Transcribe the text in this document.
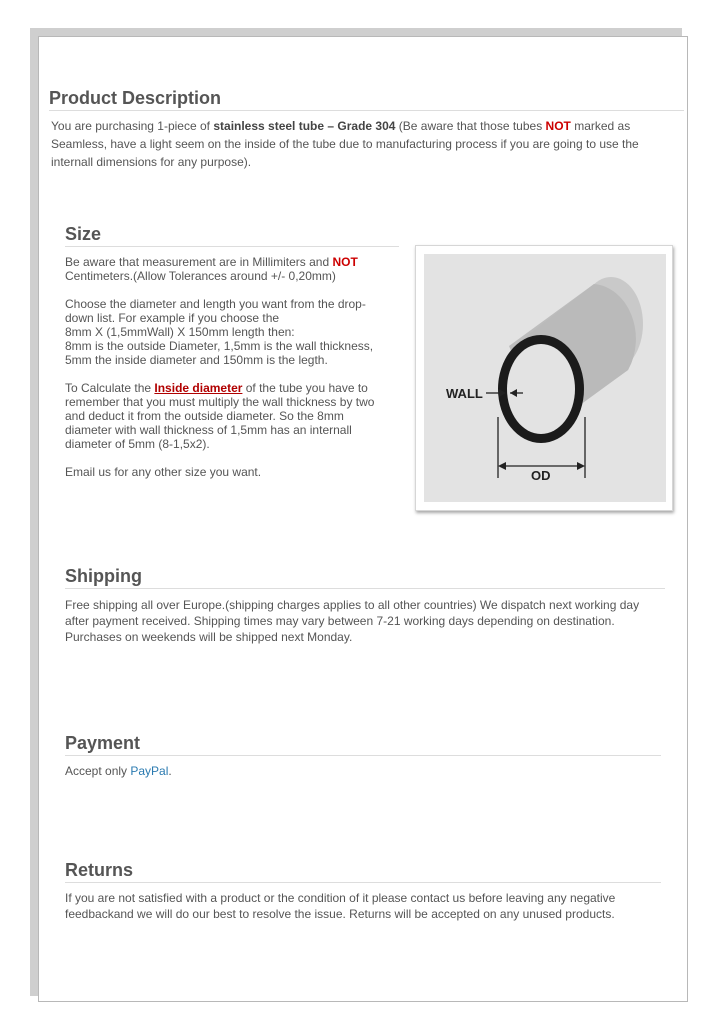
Product Description

You are purchasing 1-piece of stainless steel tube – Grade 304 (Be aware that those tubes NOT marked as Seamless, have a light seem on the inside of the tube due to manufacturing process if you are going to use the internall dimensions for any purpose).

Size

Be aware that measurement are in Millimiters and NOT Centimeters.(Allow Tolerances around +/- 0,20mm)

Choose the diameter and length you want from the drop-down list. For example if you choose the
8mm X (1,5mmWall) X 150mm length then:
8mm is the outside Diameter, 1,5mm is the wall thickness, 5mm the inside diameter and 150mm is the legth.

To Calculate the Inside diameter of the tube you have to remember that you must multiply the wall thickness by two and deduct it from the outside diameter. So the 8mm diameter with wall thickness of 1,5mm has an internall diameter of 5mm (8-1,5x2).

Email us for any other size you want.

WALL
OD
Shipping

Free shipping all over Europe.(shipping charges applies to all other countries) We dispatch next working day after payment received. Shipping times may vary between 7-21 working days depending on destination. Purchases on weekends will be shipped next Monday.

Payment

Accept only PayPal.

Returns

If you are not satisfied with a product or the condition of it please contact us before leaving any negative feedbackand we will do our best to resolve the issue. Returns will be accepted on any unused products.
